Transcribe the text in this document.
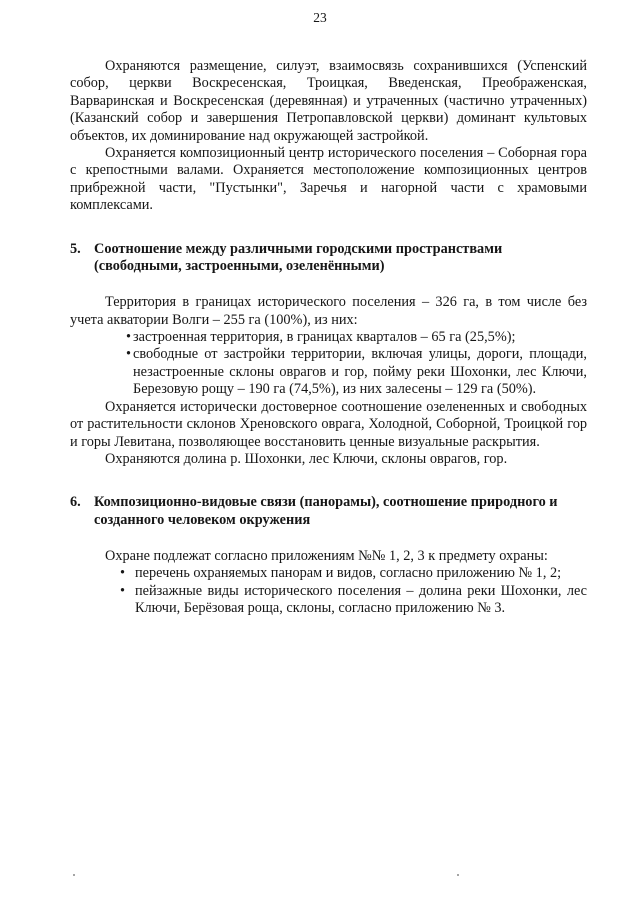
23

Охраняются размещение, силуэт, взаимосвязь сохранившихся (Успенский собор, церкви Воскресенская, Троицкая, Введенская, Преображенская, Варваринская и Воскресенская (деревянная) и утраченных (частично утраченных) (Казанский собор и завершения Петропавловской церкви) доминант культовых объектов, их доминирование над окружающей застройкой.

Охраняется композиционный центр исторического поселения – Соборная гора с крепостными валами. Охраняется местоположение композиционных центров прибрежной части, "Пустынки", Заречья и нагорной части с храмовыми комплексами.

5. Соотношение между различными городскими пространствами (свободными, застроенными, озеленёнными)

Территория в границах исторического поселения – 326 га, в том числе без учета акватории Волги – 255 га (100%), из них:

• застроенная территория, в границах кварталов – 65 га (25,5%);
• свободные от застройки территории, включая улицы, дороги, площади, незастроенные склоны оврагов и гор, пойму реки Шохонки, лес Ключи, Березовую рощу – 190 га (74,5%), из них залесены – 129 га (50%).

Охраняется исторически достоверное соотношение озелененных и свободных от растительности склонов Хреновского оврага, Холодной, Соборной, Троицкой гор и горы Левитана, позволяющее восстановить ценные визуальные раскрытия.

Охраняются долина р. Шохонки, лес Ключи, склоны оврагов, гор.

6. Композиционно-видовые связи (панорамы), соотношение природного и созданного человеком окружения

Охране подлежат согласно приложениям №№ 1, 2, 3 к предмету охраны:

• перечень охраняемых панорам и видов, согласно приложению № 1, 2;
• пейзажные виды исторического поселения – долина реки Шохонки, лес Ключи, Берёзовая роща, склоны, согласно приложению № 3.
